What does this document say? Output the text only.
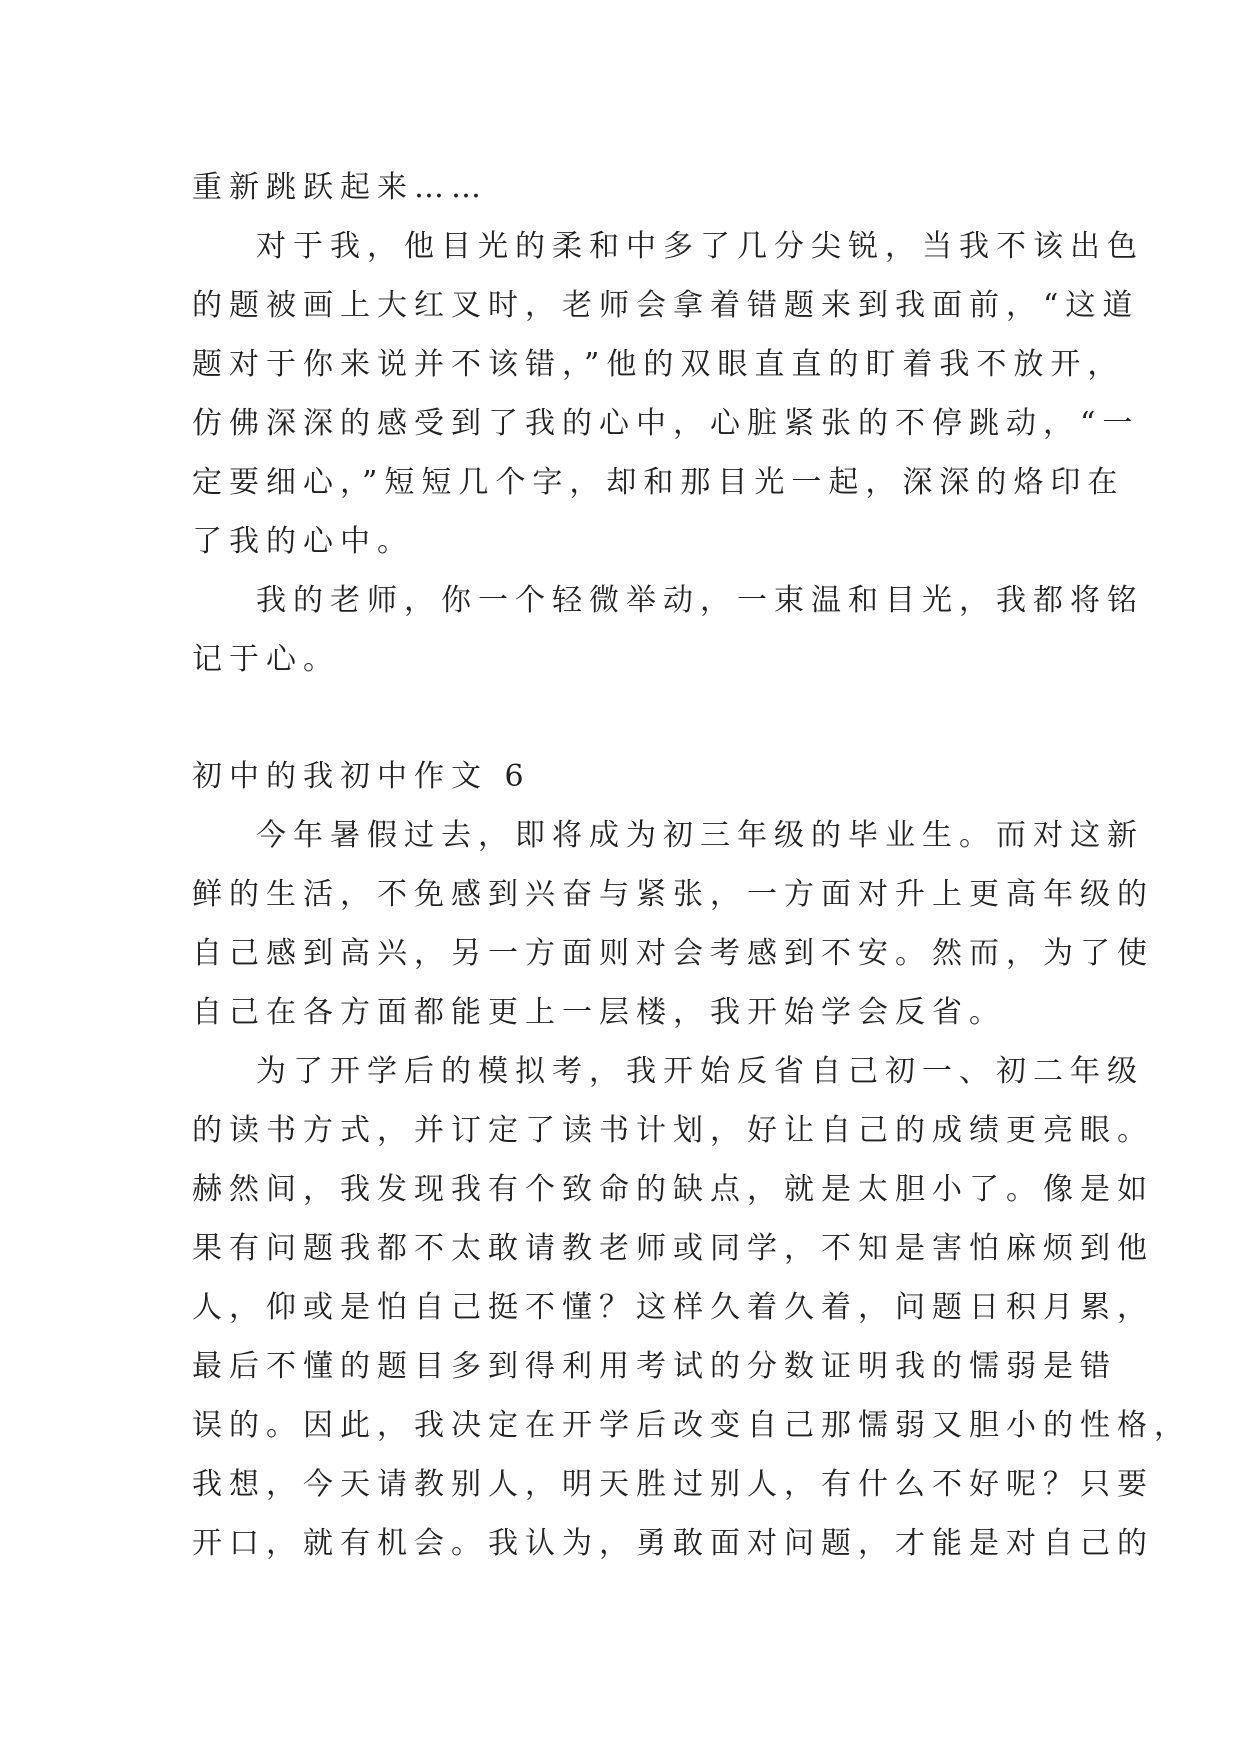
重新跳跃起来……
对于我，他目光的柔和中多了几分尖锐，当我不该出色
的题被画上大红叉时，老师会拿着错题来到我面前，“这道
题对于你来说并不该错，”他的双眼直直的盯着我不放开，
仿佛深深的感受到了我的心中，心脏紧张的不停跳动，“一
定要细心，”短短几个字，却和那目光一起，深深的烙印在
了我的心中。
我的老师，你一个轻微举动，一束温和目光，我都将铭
记于心。
初中的我初中作文 6
今年暑假过去，即将成为初三年级的毕业生。而对这新
鲜的生活，不免感到兴奋与紧张，一方面对升上更高年级的
自己感到高兴，另一方面则对会考感到不安。然而，为了使
自己在各方面都能更上一层楼，我开始学会反省。
为了开学后的模拟考，我开始反省自己初一、初二年级
的读书方式，并订定了读书计划，好让自己的成绩更亮眼。
赫然间，我发现我有个致命的缺点，就是太胆小了。像是如
果有问题我都不太敢请教老师或同学，不知是害怕麻烦到他
人，仰或是怕自己挺不懂？这样久着久着，问题日积月累，
最后不懂的题目多到得利用考试的分数证明我的懦弱是错
误的。因此，我决定在开学后改变自己那懦弱又胆小的性格，
我想，今天请教别人，明天胜过别人，有什么不好呢？只要
开口，就有机会。我认为，勇敢面对问题，才能是对自己的
